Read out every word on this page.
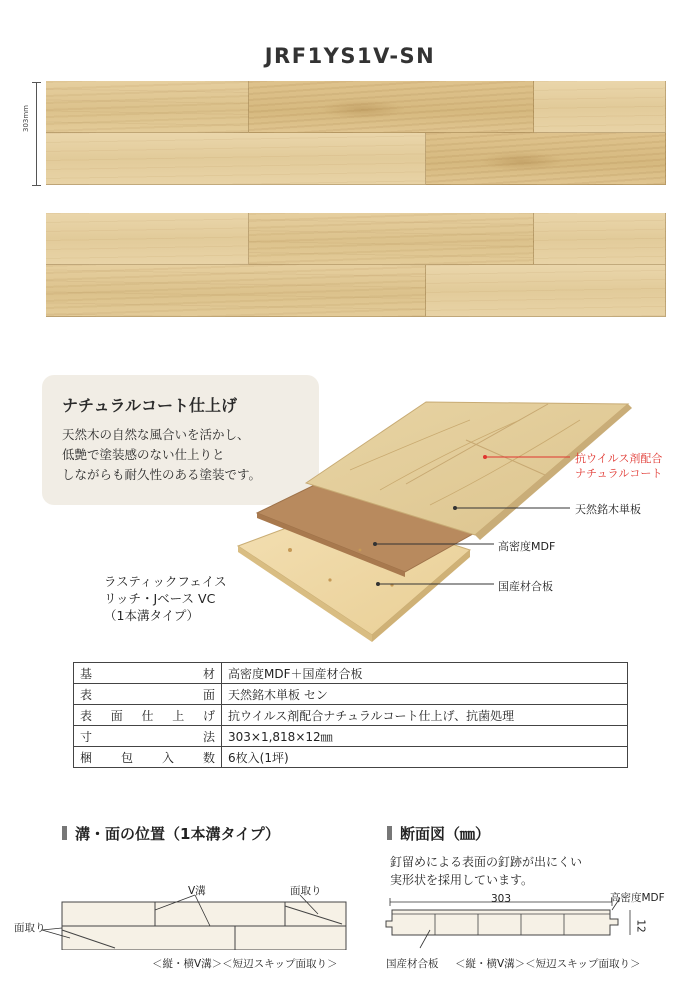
JRF1YS1V-SN
303mm
ナチュラルコート仕上げ
天然木の自然な風合いを活かし、
低艶で塗装感のない仕上りと
しながらも耐久性のある塗装です。
抗ウイルス剤配合
ナチュラルコート
天然銘木単板
高密度MDF
国産材合板
ラスティックフェイス
リッチ・Jベース VC
（1本溝タイプ）
基 材	高密度MDF＋国産材合板

表 面	天然銘木単板 セン

表 面 仕 上 げ	抗ウイルス剤配合ナチュラルコート仕上げ、抗菌処理

寸 法	303×1,818×12㎜

梱 包 入 数	6枚入(1坪)
溝・面の位置（1本溝タイプ）
V溝	面取り
面取り
＜縦・横V溝＞＜短辺スキップ面取り＞
断面図（㎜）
釘留めによる表面の釘跡が出にくい
実形状を採用しています。
303
12
高密度MDF
国産材合板 ＜縦・横V溝＞＜短辺スキップ面取り＞
